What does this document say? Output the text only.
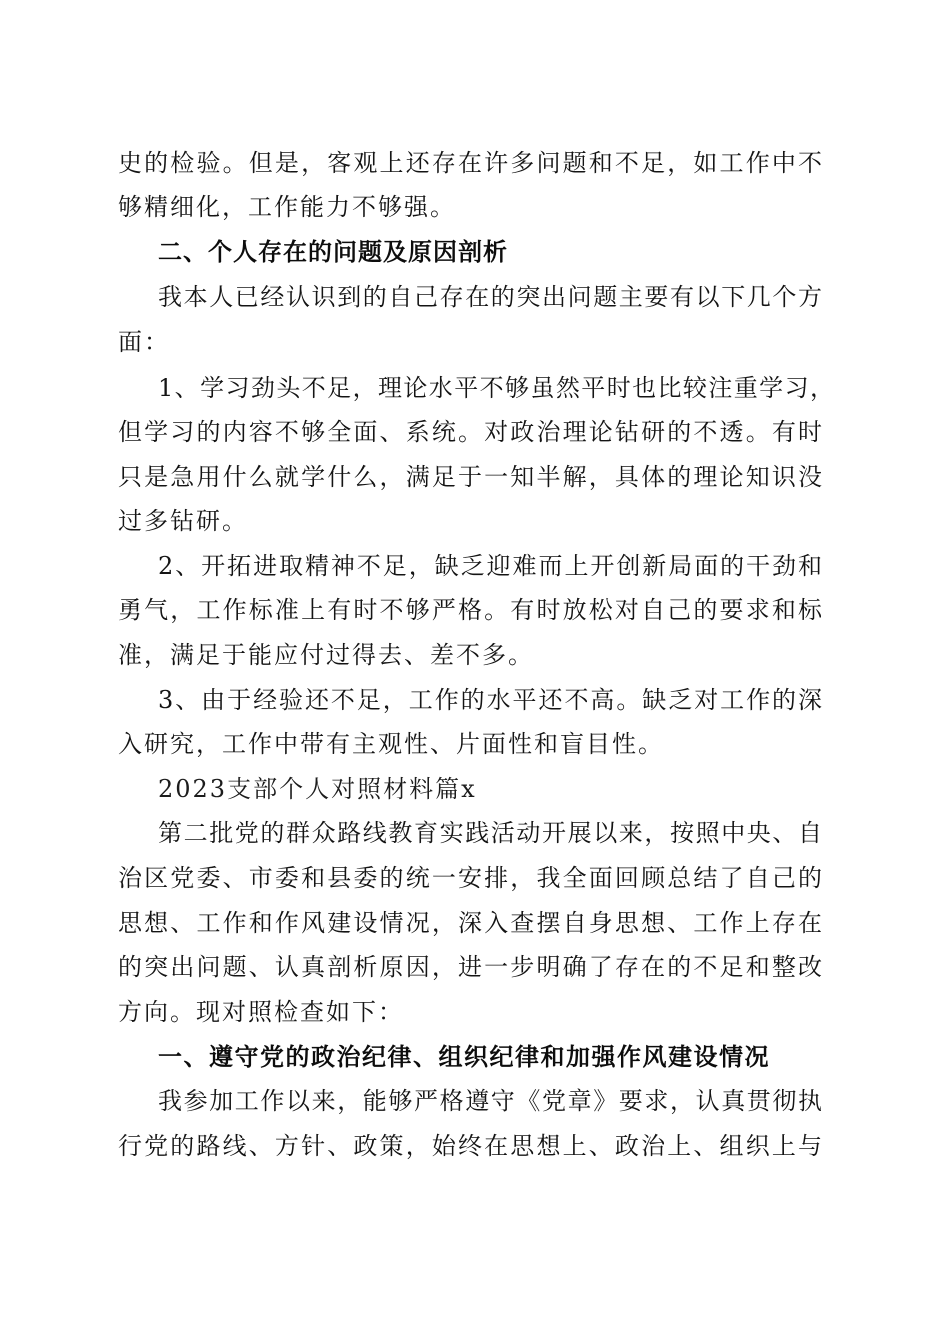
史的检验。但是，客观上还存在许多问题和不足，如工作中不
够精细化，工作能力不够强。
二、个人存在的问题及原因剖析
我本人已经认识到的自己存在的突出问题主要有以下几个方
面：
1、学习劲头不足，理论水平不够虽然平时也比较注重学习，
但学习的内容不够全面、系统。对政治理论钻研的不透。有时
只是急用什么就学什么，满足于一知半解，具体的理论知识没
过多钻研。
2、开拓进取精神不足，缺乏迎难而上开创新局面的干劲和
勇气，工作标准上有时不够严格。有时放松对自己的要求和标
准，满足于能应付过得去、差不多。
3、由于经验还不足，工作的水平还不高。缺乏对工作的深
入研究，工作中带有主观性、片面性和盲目性。
2023支部个人对照材料篇x
第二批党的群众路线教育实践活动开展以来，按照中央、自
治区党委、市委和县委的统一安排，我全面回顾总结了自己的
思想、工作和作风建设情况，深入查摆自身思想、工作上存在
的突出问题、认真剖析原因，进一步明确了存在的不足和整改
方向。现对照检查如下：
一、遵守党的政治纪律、组织纪律和加强作风建设情况
我参加工作以来，能够严格遵守《党章》要求，认真贯彻执
行党的路线、方针、政策，始终在思想上、政治上、组织上与
